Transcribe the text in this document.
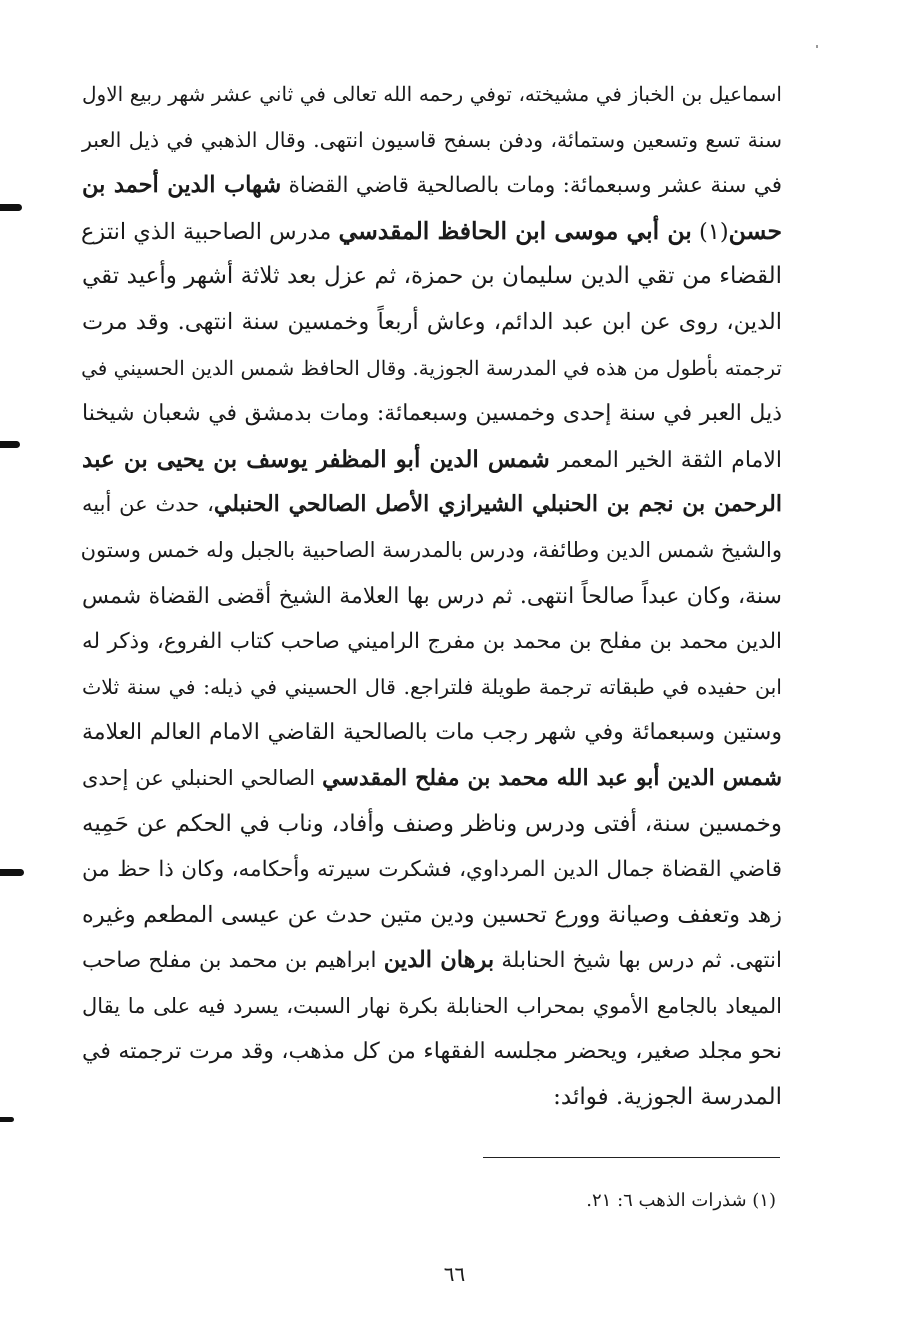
اسماعيل بن الخباز في مشيخته، توفي رحمه الله تعالى في ثاني عشر شهر ربيع الاول
سنة تسع وتسعين وستمائة، ودفن بسفح قاسيون انتهى. وقال الذهبي في ذيل العبر
في سنة عشر وسبعمائة: ومات بالصالحية قاضي القضاة شهاب الدين أحمد بن
حسن(١) بن أبي موسى ابن الحافظ المقدسي مدرس الصاحبية الذي انتزع
القضاء من تقي الدين سليمان بن حمزة، ثم عزل بعد ثلاثة أشهر وأعيد تقي
الدين، روى عن ابن عبد الدائم، وعاش أربعاً وخمسين سنة انتهى. وقد مرت
ترجمته بأطول من هذه في المدرسة الجوزية. وقال الحافظ شمس الدين الحسيني في
ذيل العبر في سنة إحدى وخمسين وسبعمائة: ومات بدمشق في شعبان شيخنا
الامام الثقة الخير المعمر شمس الدين أبو المظفر يوسف بن يحيى بن عبد
الرحمن بن نجم بن الحنبلي الشيرازي الأصل الصالحي الحنبلي، حدث عن أبيه
والشيخ شمس الدين وطائفة، ودرس بالمدرسة الصاحبية بالجبل وله خمس وستون
سنة، وكان عبداً صالحاً انتهى. ثم درس بها العلامة الشيخ أقضى القضاة شمس
الدين محمد بن مفلح بن محمد بن مفرج الراميني صاحب كتاب الفروع، وذكر له
ابن حفيده في طبقاته ترجمة طويلة فلتراجع. قال الحسيني في ذيله: في سنة ثلاث
وستين وسبعمائة وفي شهر رجب مات بالصالحية القاضي الامام العالم العلامة
شمس الدين أبو عبد الله محمد بن مفلح المقدسي الصالحي الحنبلي عن إحدى
وخمسين سنة، أفتى ودرس وناظر وصنف وأفاد، وناب في الحكم عن حَمِيه
قاضي القضاة جمال الدين المرداوي، فشكرت سيرته وأحكامه، وكان ذا حظ من
زهد وتعفف وصيانة وورع تحسين ودين متين حدث عن عيسى المطعم وغيره
انتهى. ثم درس بها شيخ الحنابلة برهان الدين ابراهيم بن محمد بن مفلح صاحب
الميعاد بالجامع الأموي بمحراب الحنابلة بكرة نهار السبت، يسرد فيه على ما يقال
نحو مجلد صغير، ويحضر مجلسه الفقهاء من كل مذهب، وقد مرت ترجمته في
المدرسة الجوزية. فوائد:
(١) شذرات الذهب ٦: ٢١.
٦٦
